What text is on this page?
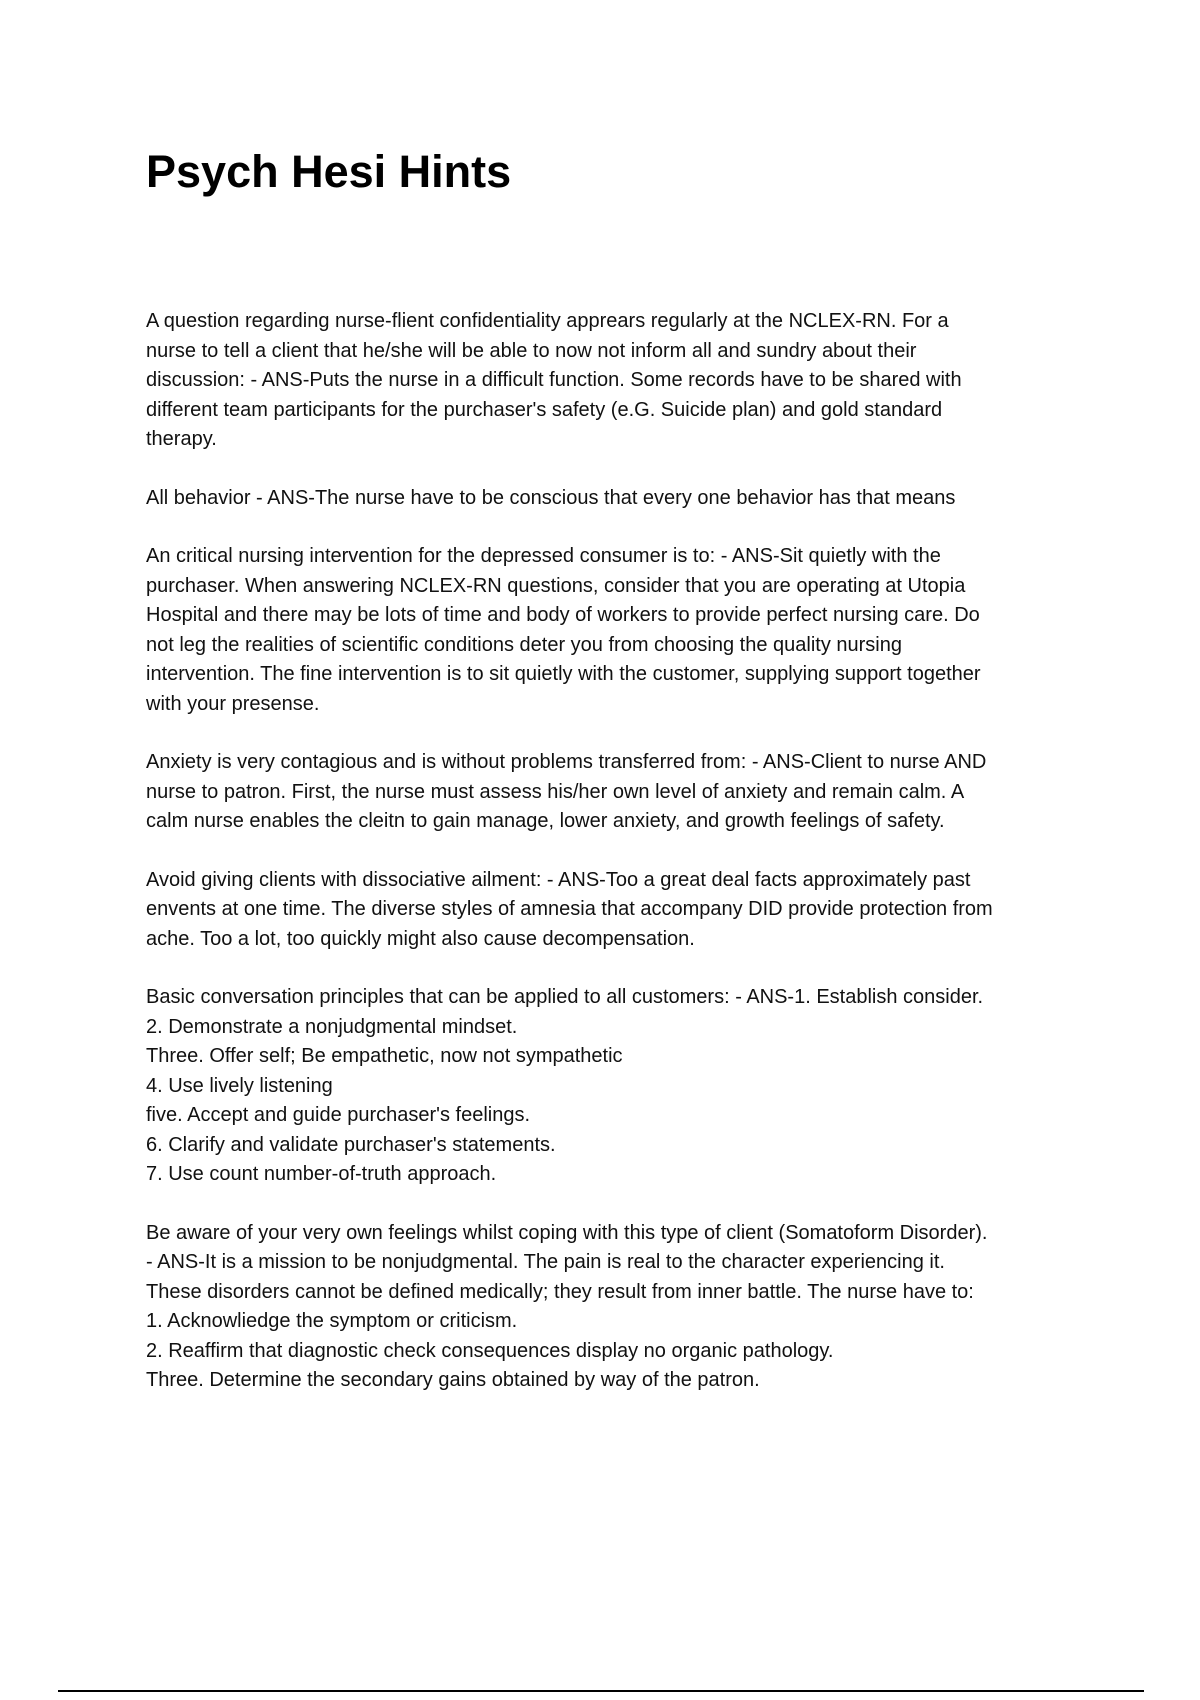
Psych Hesi Hints

A question regarding nurse-flient confidentiality apprears regularly at the NCLEX-RN. For a
nurse to tell a client that he/she will be able to now not inform all and sundry about their
discussion: - ANS-Puts the nurse in a difficult function. Some records have to be shared with
different team participants for the purchaser's safety (e.G. Suicide plan) and gold standard
therapy.

All behavior - ANS-The nurse have to be conscious that every one behavior has that means

An critical nursing intervention for the depressed consumer is to: - ANS-Sit quietly with the
purchaser. When answering NCLEX-RN questions, consider that you are operating at Utopia
Hospital and there may be lots of time and body of workers to provide perfect nursing care. Do
not leg the realities of scientific conditions deter you from choosing the quality nursing
intervention. The fine intervention is to sit quietly with the customer, supplying support together
with your presense.

Anxiety is very contagious and is without problems transferred from: - ANS-Client to nurse AND
nurse to patron. First, the nurse must assess his/her own level of anxiety and remain calm. A
calm nurse enables the cleitn to gain manage, lower anxiety, and growth feelings of safety.

Avoid giving clients with dissociative ailment: - ANS-Too a great deal facts approximately past
envents at one time. The diverse styles of amnesia that accompany DID provide protection from
ache. Too a lot, too quickly might also cause decompensation.

Basic conversation principles that can be applied to all customers: - ANS-1. Establish consider.
2. Demonstrate a nonjudgmental mindset.
Three. Offer self; Be empathetic, now not sympathetic
4. Use lively listening
five. Accept and guide purchaser's feelings.
6. Clarify and validate purchaser's statements.
7. Use count number-of-truth approach.

Be aware of your very own feelings whilst coping with this type of client (Somatoform Disorder).
- ANS-It is a mission to be nonjudgmental. The pain is real to the character experiencing it.
These disorders cannot be defined medically; they result from inner battle. The nurse have to:
1. Acknowliedge the symptom or criticism.
2. Reaffirm that diagnostic check consequences display no organic pathology.
Three. Determine the secondary gains obtained by way of the patron.
